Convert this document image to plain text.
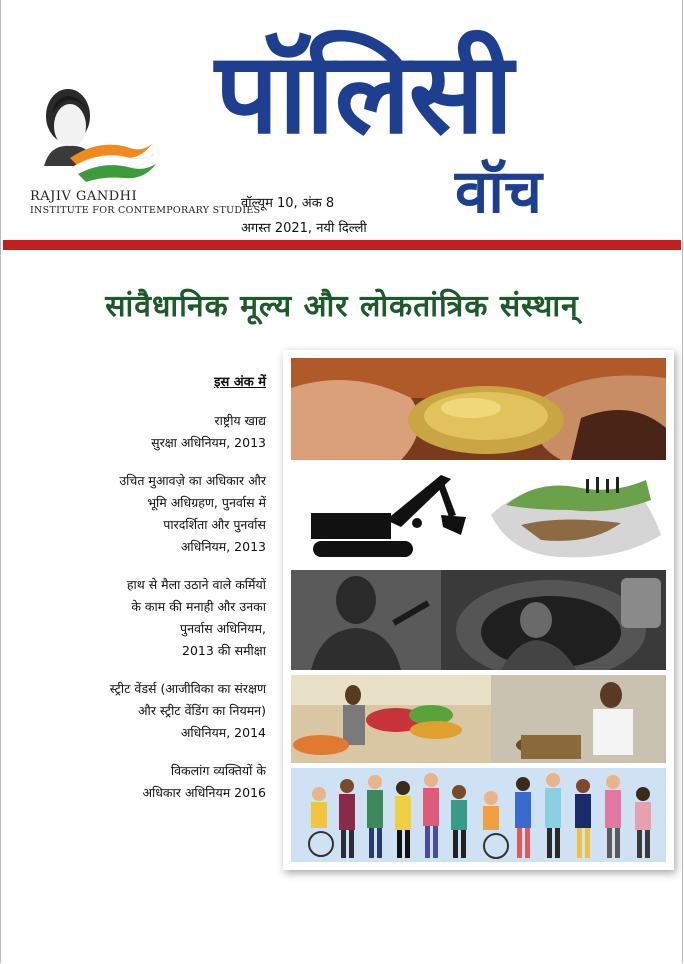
RAJIV GANDHI
INSTITUTE FOR CONTEMPORARY STUDIES
पॉलिसी
वॉच
वॉल्यूम 10, अंक 8
अगस्त 2021, नयी दिल्ली
सांवैधानिक मूल्य और लोकतांत्रिक संस्थान्
इस अंक में
राष्ट्रीय खाद्य
सुरक्षा अधिनियम, 2013
उचित मुआवज़े का अधिकार और
भूमि अधिग्रहण, पुनर्वास में
पारदर्शिता और पुनर्वास
अधिनियम, 2013
हाथ से मैला उठाने वाले कर्मियों
के काम की मनाही और उनका
पुनर्वास अधिनियम,
2013 की समीक्षा
स्ट्रीट वेंडर्स (आजीविका का संरक्षण
और स्ट्रीट वेंडिंग का नियमन)
अधिनियम, 2014
विकलांग व्यक्तियों के
अधिकार अधिनियम 2016
